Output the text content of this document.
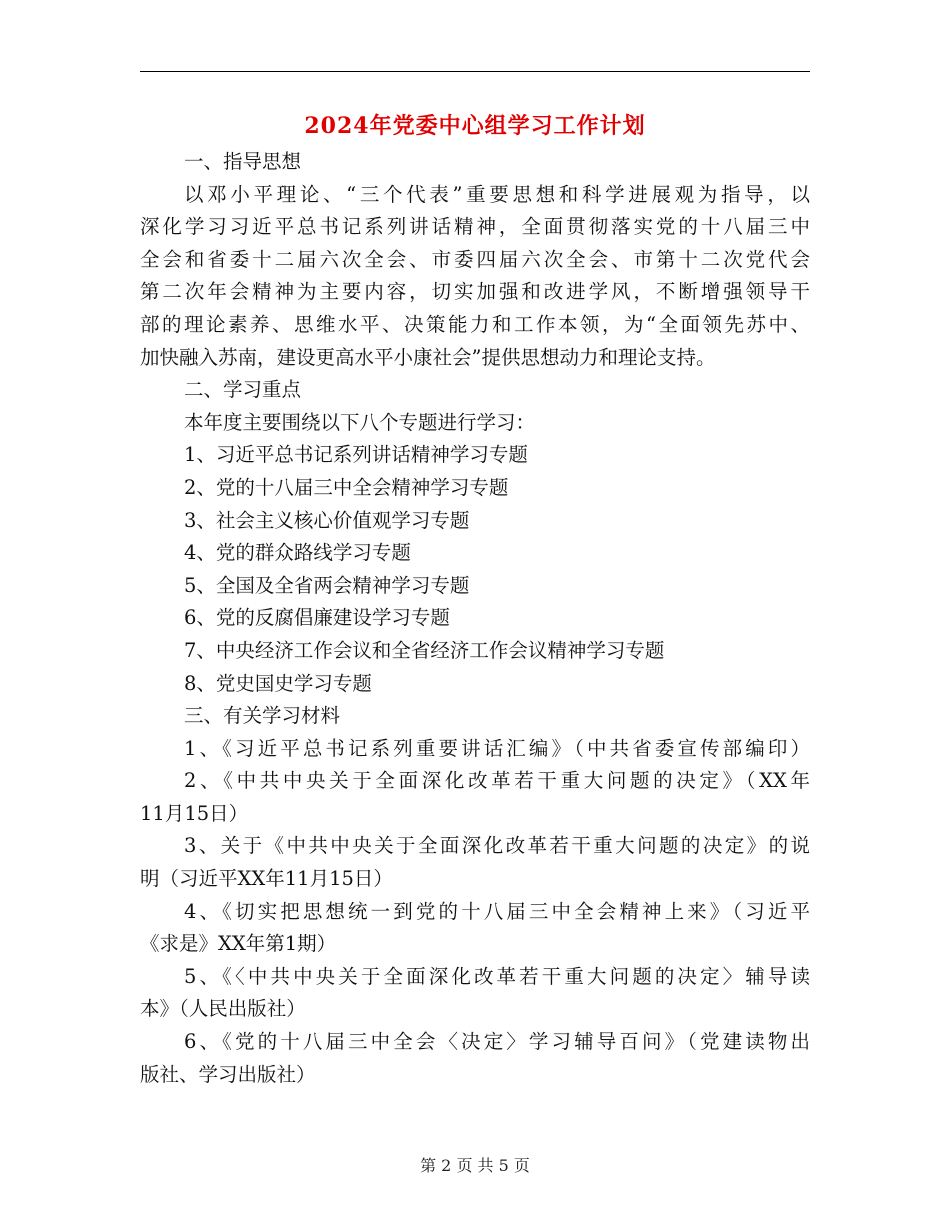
2024年党委中心组学习工作计划
一、指导思想
以邓小平理论、“三个代表”重要思想和科学进展观为指导，以
深化学习习近平总书记系列讲话精神，全面贯彻落实党的十八届三中
全会和省委十二届六次全会、市委四届六次全会、市第十二次党代会
第二次年会精神为主要内容，切实加强和改进学风，不断增强领导干
部的理论素养、思维水平、决策能力和工作本领，为“全面领先苏中、
加快融入苏南，建设更高水平小康社会”提供思想动力和理论支持。
二、学习重点
本年度主要围绕以下八个专题进行学习：
1、习近平总书记系列讲话精神学习专题
2、党的十八届三中全会精神学习专题
3、社会主义核心价值观学习专题
4、党的群众路线学习专题
5、全国及全省两会精神学习专题
6、党的反腐倡廉建设学习专题
7、中央经济工作会议和全省经济工作会议精神学习专题
8、党史国史学习专题
三、有关学习材料
1、《习近平总书记系列重要讲话汇编》（中共省委宣传部编印）
2、《中共中央关于全面深化改革若干重大问题的决定》（XX年
11月15日）
3、关于《中共中央关于全面深化改革若干重大问题的决定》的说
明（习近平XX年11月15日）
4、《切实把思想统一到党的十八届三中全会精神上来》（习近平
《求是》XX年第1期）
5、《〈中共中央关于全面深化改革若干重大问题的决定〉辅导读
本》（人民出版社）
6、《党的十八届三中全会〈决定〉学习辅导百问》（党建读物出
版社、学习出版社）
第 2 页 共 5 页
